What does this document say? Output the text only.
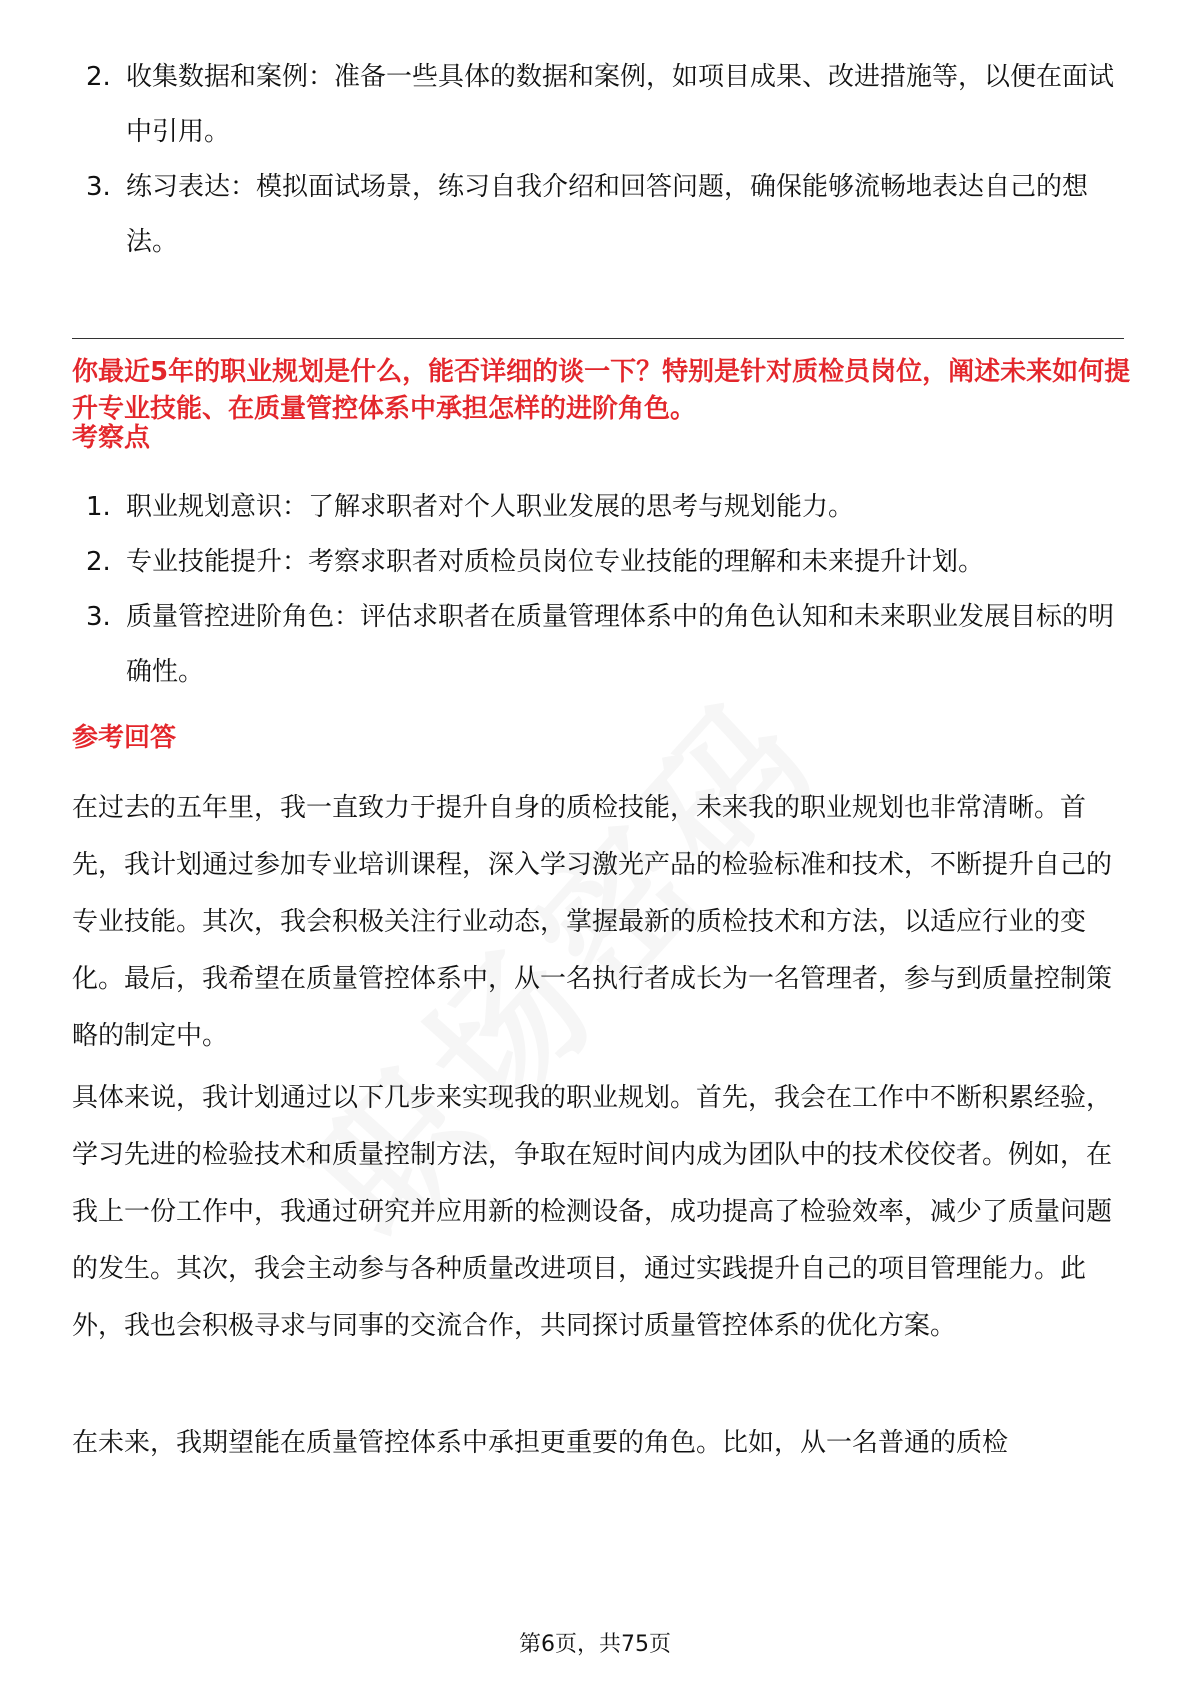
2. 收集数据和案例：准备一些具体的数据和案例，如项目成果、改进措施等，以便在面试中引用。
3. 练习表达：模拟面试场景，练习自我介绍和回答问题，确保能够流畅地表达自己的想法。
你最近5年的职业规划是什么，能否详细的谈一下？特别是针对质检员岗位，阐述未来如何提升专业技能、在质量管控体系中承担怎样的进阶角色。
考察点
1. 职业规划意识：了解求职者对个人职业发展的思考与规划能力。
2. 专业技能提升：考察求职者对质检员岗位专业技能的理解和未来提升计划。
3. 质量管控进阶角色：评估求职者在质量管理体系中的角色认知和未来职业发展目标的明确性。
参考回答

在过去的五年里，我一直致力于提升自身的质检技能，未来我的职业规划也非常清晰。首先，我计划通过参加专业培训课程，深入学习激光产品的检验标准和技术，不断提升自己的专业技能。其次，我会积极关注行业动态，掌握最新的质检技术和方法，以适应行业的变化。最后，我希望在质量管控体系中，从一名执行者成长为一名管理者，参与到质量控制策略的制定中。

具体来说，我计划通过以下几步来实现我的职业规划。首先，我会在工作中不断积累经验，学习先进的检验技术和质量控制方法，争取在短时间内成为团队中的技术佼佼者。例如，在我上一份工作中，我通过研究并应用新的检测设备，成功提高了检验效率，减少了质量问题的发生。其次，我会主动参与各种质量改进项目，通过实践提升自己的项目管理能力。此外，我也会积极寻求与同事的交流合作，共同探讨质量管控体系的优化方案。

在未来，我期望能在质量管控体系中承担更重要的角色。比如，从一名普通的质检

第6页，共75页
